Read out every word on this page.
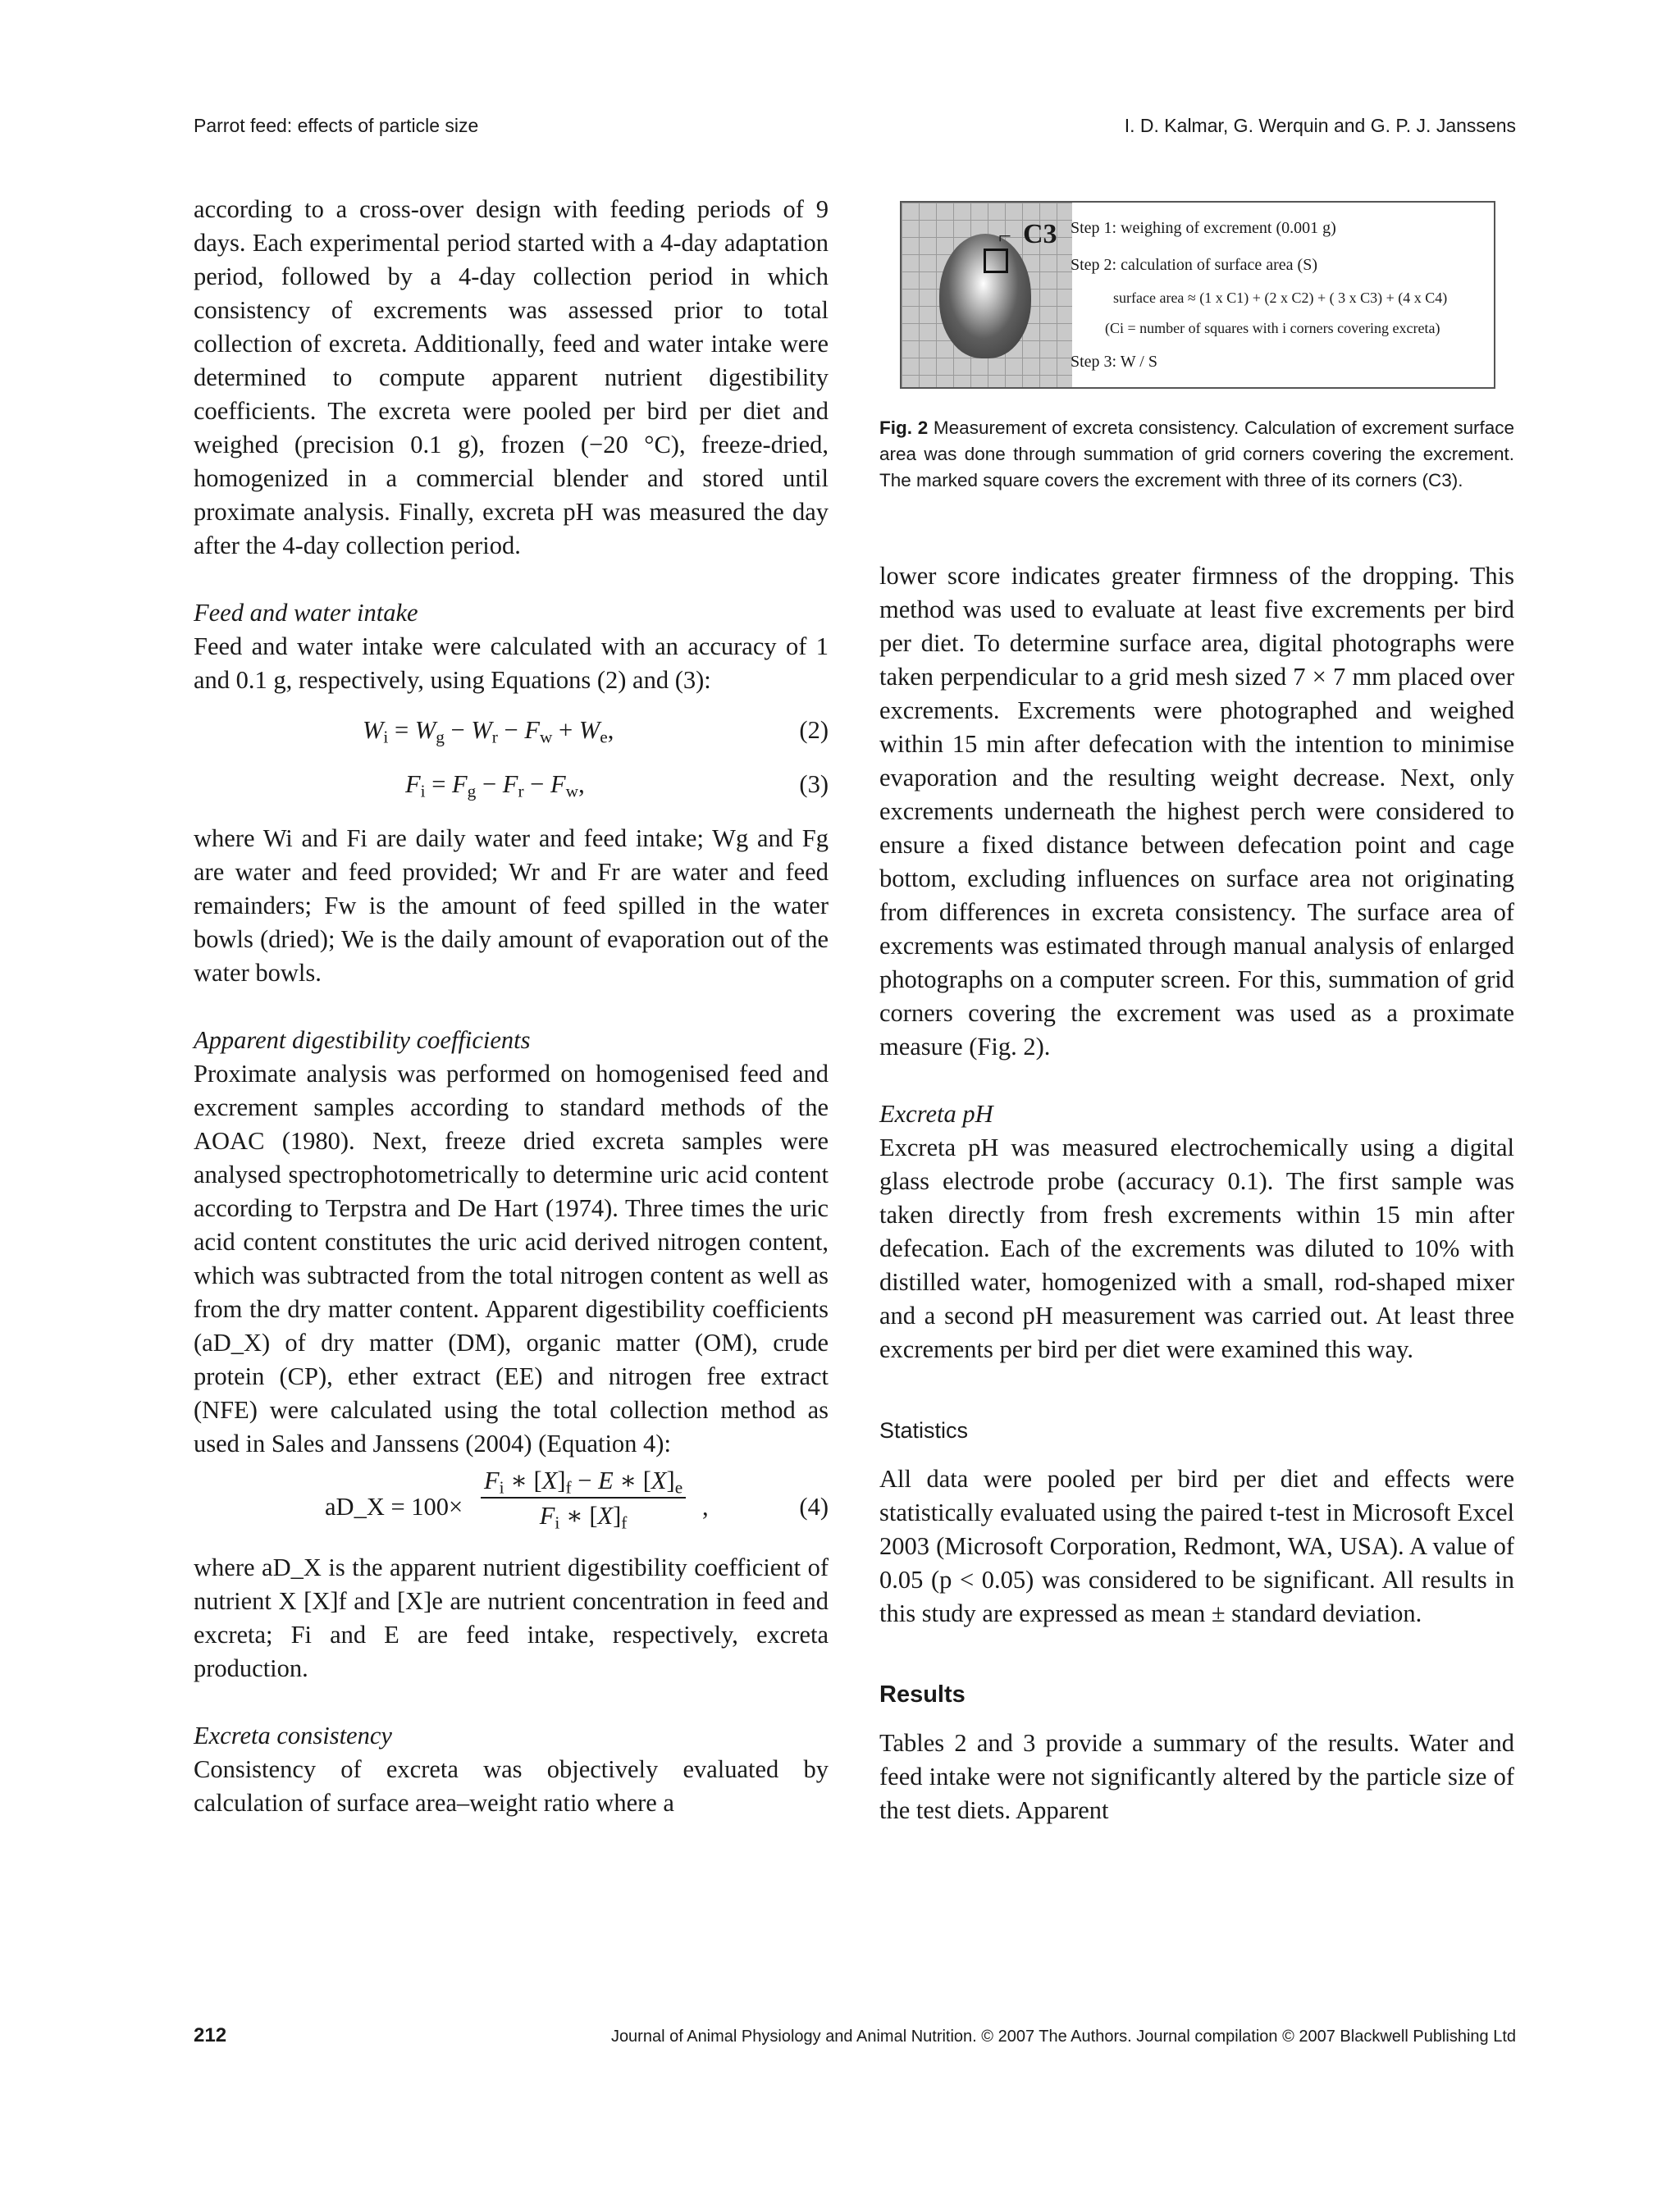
Parrot feed: effects of particle size	I. D. Kalmar, G. Werquin and G. P. J. Janssens

according to a cross-over design with feeding periods of 9 days. Each experimental period started with a 4-day adaptation period, followed by a 4-day collection period in which consistency of excrements was assessed prior to total collection of excreta. Additionally, feed and water intake were determined to compute apparent nutrient digestibility coefficients. The excreta were pooled per bird per diet and weighed (precision 0.1 g), frozen (−20 °C), freeze-dried, homogenized in a commercial blender and stored until proximate analysis. Finally, excreta pH was measured the day after the 4-day collection period.

Feed and water intake

Feed and water intake were calculated with an accuracy of 1 and 0.1 g, respectively, using Equations (2) and (3):

$W_i = W_g - W_r - F_w + W_e$,	(2)
$F_i = F_g - F_r - F_w$,	(3)

where Wi and Fi are daily water and feed intake; Wg and Fg are water and feed provided; Wr and Fr are water and feed remainders; Fw is the amount of feed spilled in the water bowls (dried); We is the daily amount of evaporation out of the water bowls.

Apparent digestibility coefficients

Proximate analysis was performed on homogenised feed and excrement samples according to standard methods of the AOAC (1980). Next, freeze dried excreta samples were analysed spectrophotometrically to determine uric acid content according to Terpstra and De Hart (1974). Three times the uric acid content constitutes the uric acid derived nitrogen content, which was subtracted from the total nitrogen content as well as from the dry matter content. Apparent digestibility coefficients (aD_X) of dry matter (DM), organic matter (OM), crude protein (CP), ether extract (EE) and nitrogen free extract (NFE) were calculated using the total collection method as used in Sales and Janssens (2004) (Equation 4):

aD_X = $100\times \frac{F_i ∗ [X]_f - E ∗ [X]_e}{F_i ∗ [X]_f}$ ,	(4)

where aD_X is the apparent nutrient digestibility coefficient of nutrient X [X]f and [X]e are nutrient concentration in feed and excreta; Fi and E are feed intake, respectively, excreta production.

Excreta consistency

Consistency of excreta was objectively evaluated by calculation of surface area–weight ratio where a

⌐ C3 Step 1: weighing of excrement (0.001 g)
Step 2: calculation of surface area (S)
surface area ≈ (1 x C1) + (2 x C2) + ( 3 x C3) + (4 x C4)
(Ci = number of squares with i corners covering excreta)
Step 3: W / S
Fig. 2 Measurement of excreta consistency. Calculation of excrement surface area was done through summation of grid corners covering the excrement. The marked square covers the excrement with three of its corners (C3).

lower score indicates greater firmness of the dropping. This method was used to evaluate at least five excrements per bird per diet. To determine surface area, digital photographs were taken perpendicular to a grid mesh sized 7 × 7 mm placed over excrements. Excrements were photographed and weighed within 15 min after defecation with the intention to minimise evaporation and the resulting weight decrease. Next, only excrements underneath the highest perch were considered to ensure a fixed distance between defecation point and cage bottom, excluding influences on surface area not originating from differences in excreta consistency. The surface area of excrements was estimated through manual analysis of enlarged photographs on a computer screen. For this, summation of grid corners covering the excrement was used as a proximate measure (Fig. 2).

Excreta pH

Excreta pH was measured electrochemically using a digital glass electrode probe (accuracy 0.1). The first sample was taken directly from fresh excrements within 15 min after defecation. Each of the excrements was diluted to 10% with distilled water, homogenized with a small, rod-shaped mixer and a second pH measurement was carried out. At least three excrements per bird per diet were examined this way.

Statistics

All data were pooled per bird per diet and effects were statistically evaluated using the paired t-test in Microsoft Excel 2003 (Microsoft Corporation, Redmont, WA, USA). A value of 0.05 (p < 0.05) was considered to be significant. All results in this study are expressed as mean ± standard deviation.

Results

Tables 2 and 3 provide a summary of the results. Water and feed intake were not significantly altered by the particle size of the test diets. Apparent

212	Journal of Animal Physiology and Animal Nutrition. © 2007 The Authors. Journal compilation © 2007 Blackwell Publishing Ltd
